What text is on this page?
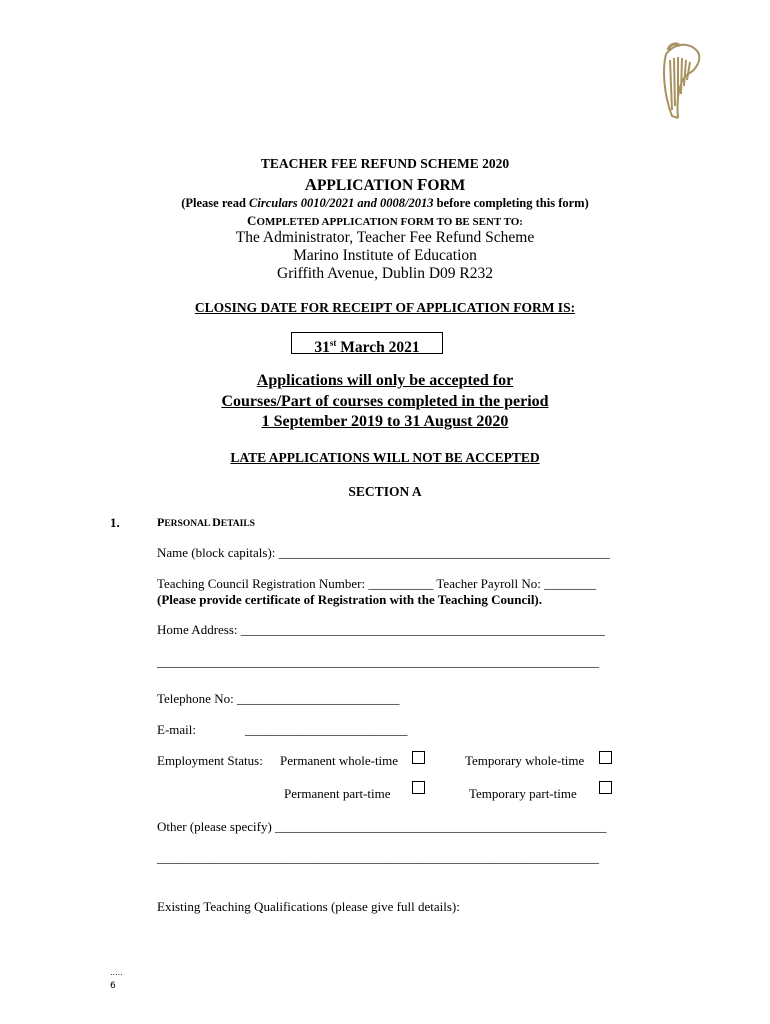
TEACHER FEE REFUND SCHEME 2020
APPLICATION FORM
(Please read Circulars 0010/2021 and 0008/2013 before completing this form)
COMPLETED APPLICATION FORM TO BE SENT TO:
The Administrator, Teacher Fee Refund Scheme
Marino Institute of Education
Griffith Avenue, Dublin D09 R232
CLOSING DATE FOR RECEIPT OF APPLICATION FORM IS:
31st March 2021
Applications will only be accepted for
Courses/Part of courses completed in the period
1 September 2019 to 31 August 2020
LATE APPLICATIONS WILL NOT BE ACCEPTED
SECTION A
1.	PERSONAL DETAILS
Name (block capitals): ___________________________________________________
Teaching Council Registration Number: __________ Teacher Payroll No: ________
(Please provide certificate of Registration with the Teaching Council).
Home Address: ________________________________________________________
____________________________________________________________________
Telephone No: _________________________
E-mail:	_________________________
Employment Status: Permanent whole-time	Temporary whole-time
Permanent part-time	Temporary part-time
Other (please specify) ___________________________________________________
____________________________________________________________________
Existing Teaching Qualifications (please give full details):
.....
6
